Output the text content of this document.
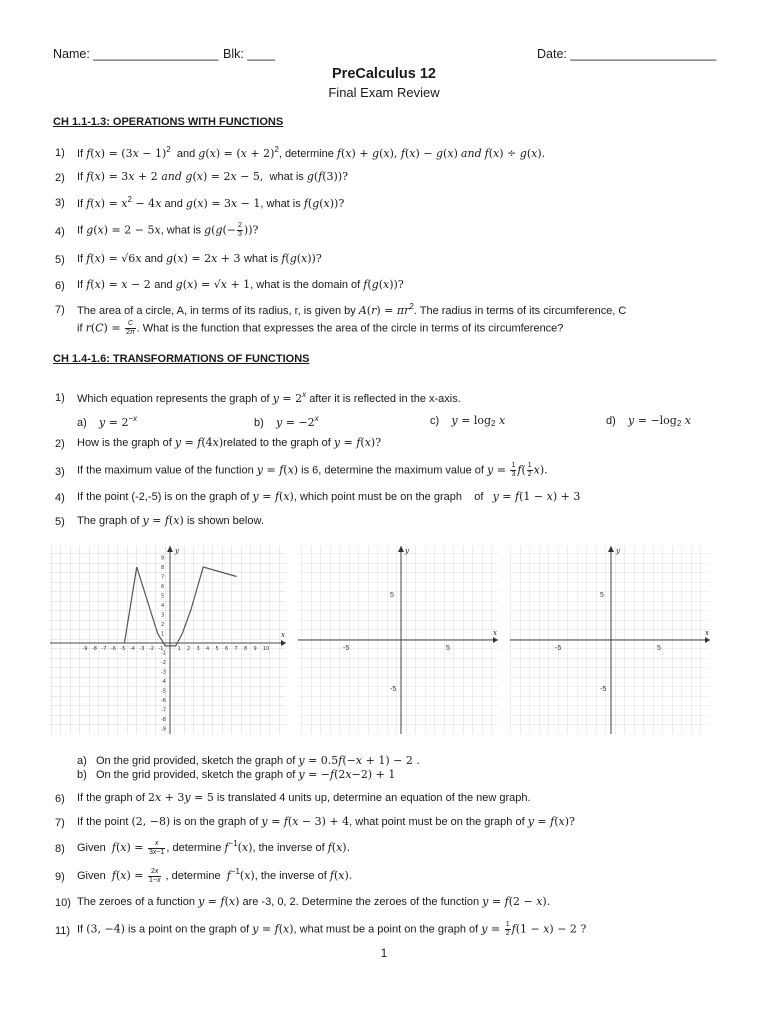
Name: __________________ Blk: ____	Date: _____________________
PreCalculus 12
Final Exam Review
CH 1.1-1.3: OPERATIONS WITH FUNCTIONS
1) If $f(x) = (3x - 1)^2$ and $g(x) = (x + 2)^2$, determine f(x) + g(x), f(x) − g(x) and f(x) ÷ g(x).
2) If f(x) = 3x + 2 and g(x) = 2x − 5, what is g(f(3))?
3) If $f(x) = x^2 - 4x$ and g(x) = 3x − 1, what is f(g(x))?
4) If g(x) = 2 − 5x, what is $g(g(- \frac{2}{3}$ ))?
5) If f(x) = √6x and g(x) = 2x + 3 what is f(g(x))?
6) If f(x) = x − 2 and g(x) = √x + 1, what is the domain of f(g(x))?
7) The area of a circle, A, in terms of its radius, r, is given by $A(r) = \pi r^2$. The radius in terms of its circumference, C
if $r(C) = \frac{C}{2\pi}$ . What is the function that expresses the area of the circle in terms of its circumference?
CH 1.4-1.6: TRANSFORMATIONS OF FUNCTIONS
1) Which equation represents the graph of $y = 2^x$ after it is reflected in the x-axis.
a) $y = 2^{-x}$	b) $y = -2^x$	c) $y = \log_2 x$	d) $y = -\log_2$ x
2) How is the graph of y = f(4x)related to the graph of y = f(x)?
3) If the maximum value of the function y = f(x) is 6, determine the maximum value of $y = \frac{1}{3} f( \frac{1}{2} x)$.
4) If the point (-2,-5) is on the graph of y = f(x), which point must be on the graph of y = f(1 − x) + 3
5) The graph of y = f(x) is shown below.
x
y
-9 -8 -7 -6 -5 -4 -3 -2 -1	1 2 3 4 5 6 7 8 9 10
-9
-8
-7
-6
-5
-4
-3
-2
-1
1
2
3
4
5
6
7
8
9
x
y
5
-5
-5	5
x
y
5
-5
-5	5
a) On the grid provided, sketch the graph of y = 0.5f(−x + 1) − 2 .
b) On the grid provided, sketch the graph of y = −f(2x−2) + 1
6) If the graph of 2x + 3y = 5 is translated 4 units up, determine an equation of the new graph.
7) If the point (2, −8) is on the graph of y = f(x − 3) + 4, what point must be on the graph of y = f(x)?
8) Given $f(x) = \frac{x}{3x-1}$ , determine $f^{-1}(x)$, the inverse of f(x).
9) Given $f(x) = \frac{2x}{1-x}$ , determine $f^{-1}(x)$, the inverse of f(x).
10) The zeroes of a function y = f(x) are -3, 0, 2. Determine the zeroes of the function y = f(2 − x).
11) If (3, −4) is a point on the graph of y = f(x), what must be a point on the graph of $y = \frac{1}{2} f(1 - x) - 2$ ?
1
